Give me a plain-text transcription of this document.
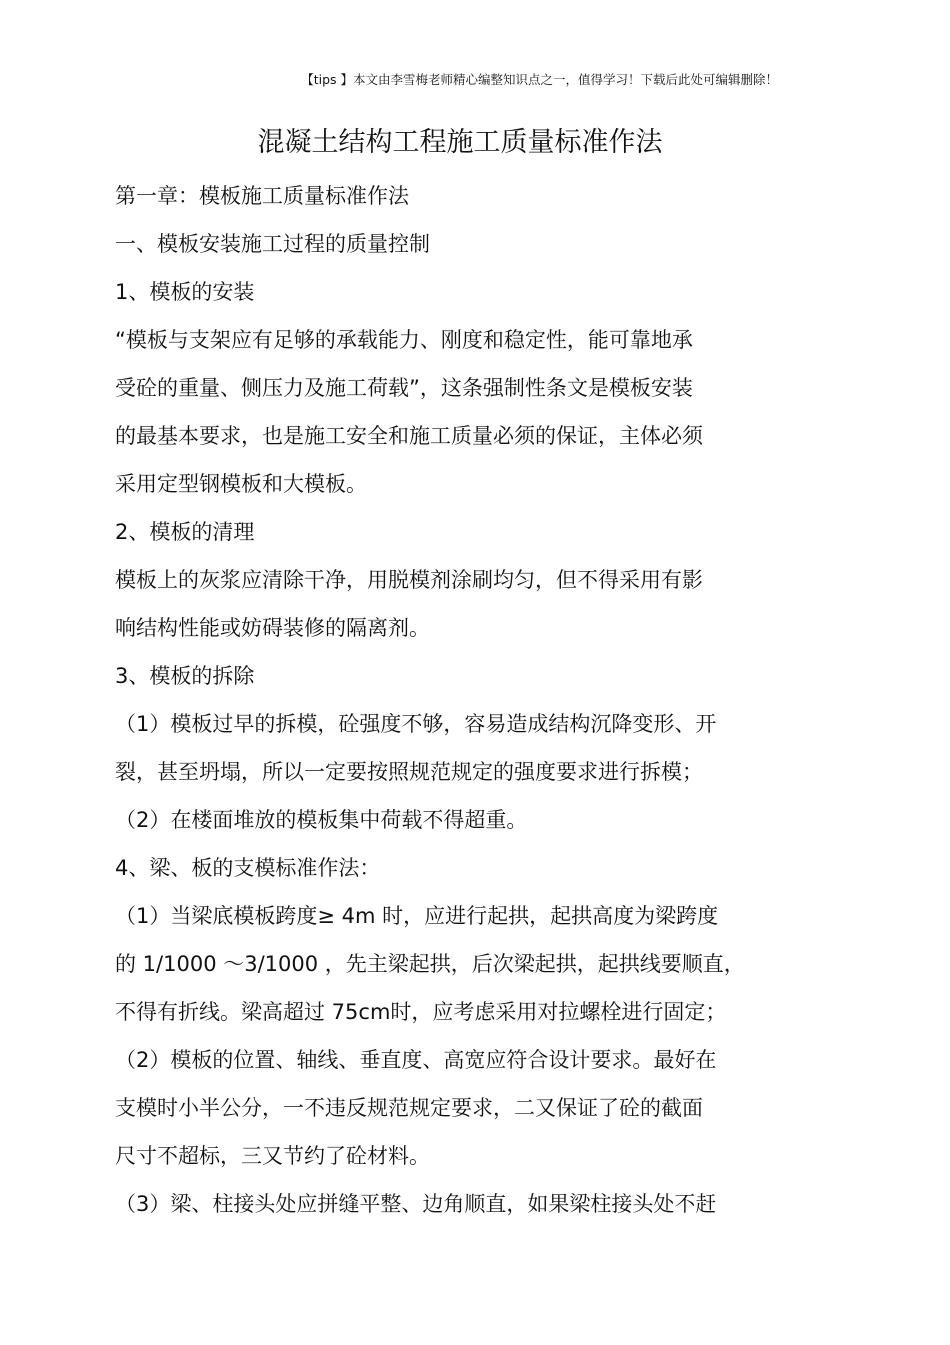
【tips 】本文由李雪梅老师精心编整知识点之一，值得学习！下载后此处可编辑删除！
混凝土结构工程施工质量标准作法
第一章：模板施工质量标准作法
一、模板安装施工过程的质量控制
1、模板的安装
“模板与支架应有足够的承载能力、刚度和稳定性，能可靠地承
受砼的重量、侧压力及施工荷载”，这条强制性条文是模板安装
的最基本要求，也是施工安全和施工质量必须的保证，主体必须
采用定型钢模板和大模板。
2、模板的清理
模板上的灰浆应清除干净，用脱模剂涂刷均匀，但不得采用有影
响结构性能或妨碍装修的隔离剂。
3、模板的拆除
（1）模板过早的拆模，砼强度不够，容易造成结构沉降变形、开
裂，甚至坍塌，所以一定要按照规范规定的强度要求进行拆模；
（2）在楼面堆放的模板集中荷载不得超重。
4、梁、板的支模标准作法：
（1）当梁底模板跨度≥ 4m 时，应进行起拱，起拱高度为梁跨度
的 1/1000 ～3/1000 ，先主梁起拱，后次梁起拱，起拱线要顺直，
不得有折线。梁高超过 75cm时，应考虑采用对拉螺栓进行固定；
（2）模板的位置、轴线、垂直度、高宽应符合设计要求。最好在
支模时小半公分，一不违反规范规定要求，二又保证了砼的截面
尺寸不超标，三又节约了砼材料。
（3）梁、柱接头处应拼缝平整、边角顺直，如果梁柱接头处不赶
